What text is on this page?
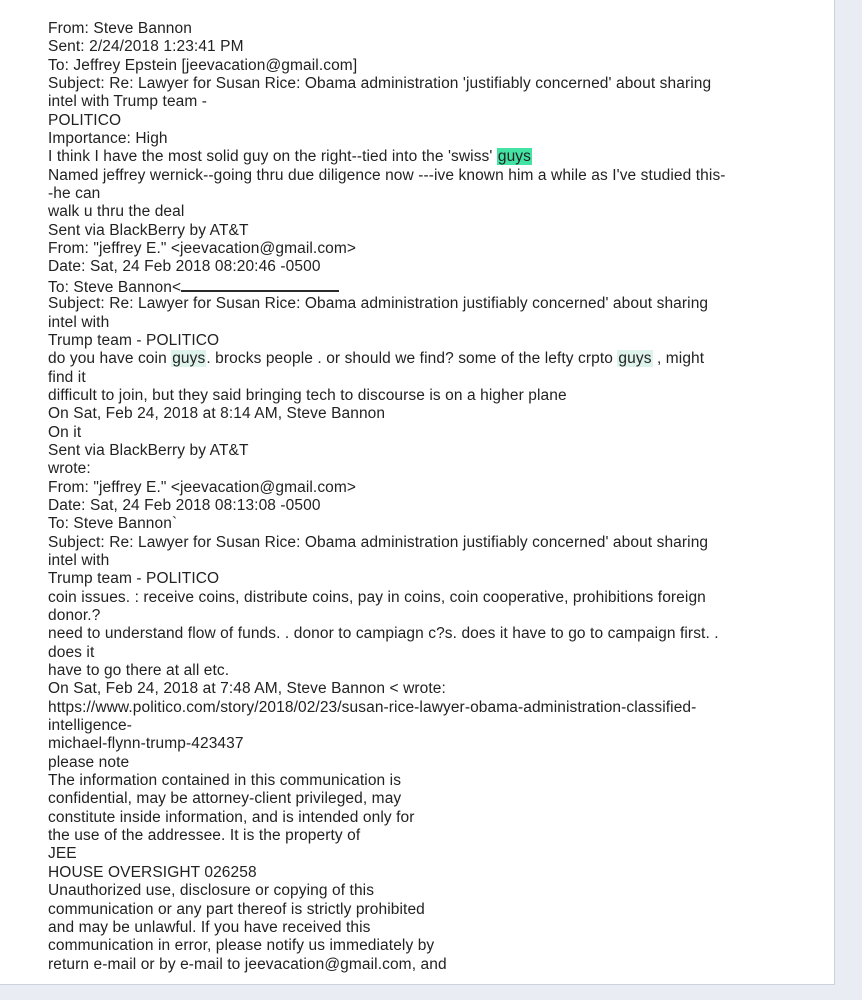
From: Steve Bannon
Sent: 2/24/2018 1:23:41 PM
To: Jeffrey Epstein [jeevacation@gmail.com]
Subject: Re: Lawyer for Susan Rice: Obama administration 'justifiably concerned' about sharing
intel with Trump team -
POLITICO
Importance: High
I think I have the most solid guy on the right--tied into the 'swiss' guys
Named jeffrey wernick--going thru due diligence now ---ive known him a while as I've studied this-
-he can
walk u thru the deal
Sent via BlackBerry by AT&T
From: "jeffrey E." <jeevacation@gmail.com>
Date: Sat, 24 Feb 2018 08:20:46 -0500
To: Steve Bannon<
Subject: Re: Lawyer for Susan Rice: Obama administration justifiably concerned' about sharing
intel with
Trump team - POLITICO
do you have coin guys. brocks people . or should we find? some of the lefty crpto guys , might
find it
difficult to join, but they said bringing tech to discourse is on a higher plane
On Sat, Feb 24, 2018 at 8:14 AM, Steve Bannon
On it
Sent via BlackBerry by AT&T
wrote:
From: "jeffrey E." <jeevacation@gmail.com>
Date: Sat, 24 Feb 2018 08:13:08 -0500
To: Steve Bannon`
Subject: Re: Lawyer for Susan Rice: Obama administration justifiably concerned' about sharing
intel with
Trump team - POLITICO
coin issues. : receive coins, distribute coins, pay in coins, coin cooperative, prohibitions foreign
donor.?
need to understand flow of funds. . donor to campiagn c?s. does it have to go to campaign first. .
does it
have to go there at all etc.
On Sat, Feb 24, 2018 at 7:48 AM, Steve Bannon < wrote:
https://www.politico.com/story/2018/02/23/susan-rice-lawyer-obama-administration-classified-
intelligence-
michael-flynn-trump-423437
please note
The information contained in this communication is
confidential, may be attorney-client privileged, may
constitute inside information, and is intended only for
the use of the addressee. It is the property of
JEE
HOUSE OVERSIGHT 026258
Unauthorized use, disclosure or copying of this
communication or any part thereof is strictly prohibited
and may be unlawful. If you have received this
communication in error, please notify us immediately by
return e-mail or by e-mail to jeevacation@gmail.com, and
